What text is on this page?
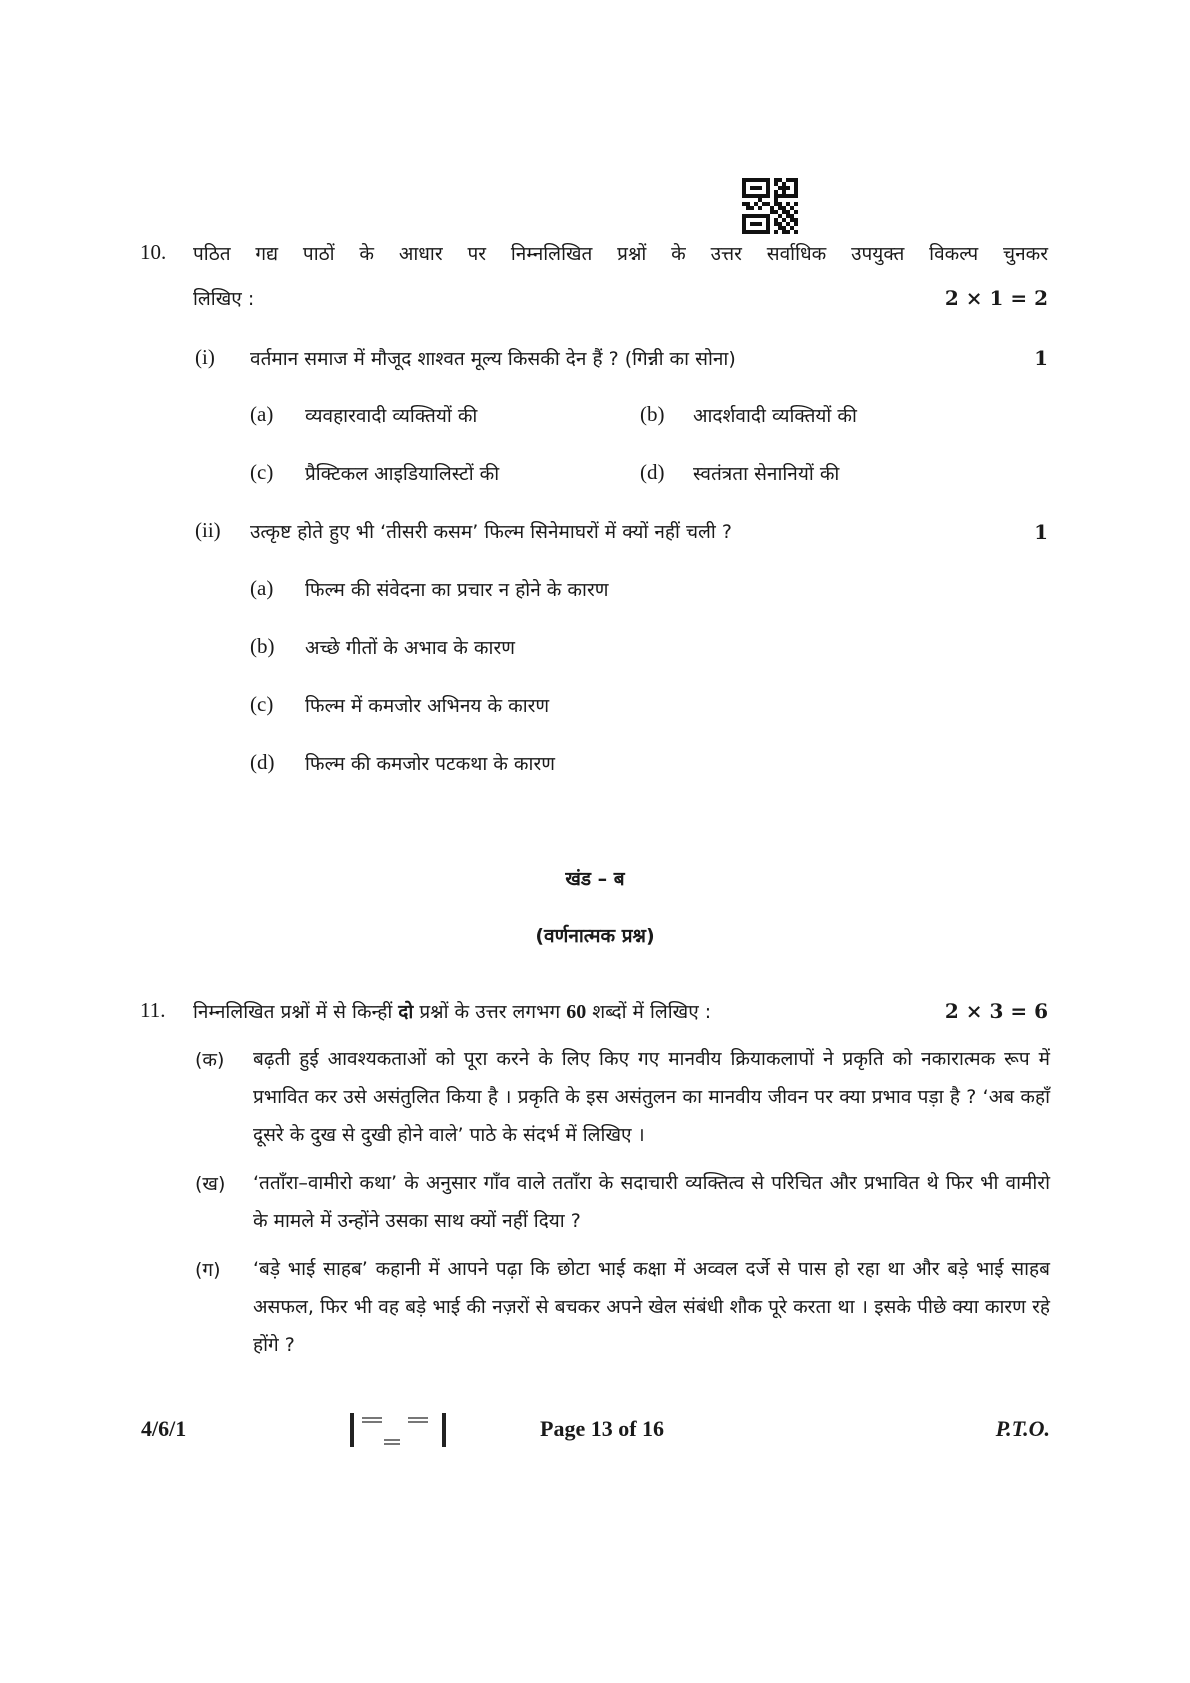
10. पठित गद्य पाठों के आधार पर निम्नलिखित प्रश्नों के उत्तर सर्वाधिक उपयुक्त विकल्प चुनकर
लिखिए :	2 × 1 = 2
(i) वर्तमान समाज में मौजूद शाश्वत मूल्य किसकी देन हैं ? (गिन्नी का सोना)	1
(a) व्यवहारवादी व्यक्तियों की	(b) आदर्शवादी व्यक्तियों की
(c) प्रैक्टिकल आइडियालिस्टों की	(d) स्वतंत्रता सेनानियों की
(ii) उत्कृष्ट होते हुए भी ‘तीसरी कसम’ फिल्म सिनेमाघरों में क्यों नहीं चली ?	1
(a) फिल्म की संवेदना का प्रचार न होने के कारण
(b) अच्छे गीतों के अभाव के कारण
(c) फिल्म में कमजोर अभिनय के कारण
(d) फिल्म की कमजोर पटकथा के कारण
खंड – ब
(वर्णनात्मक प्रश्न)
11. निम्नलिखित प्रश्नों में से किन्हीं दो प्रश्नों के उत्तर लगभग 60 शब्दों में लिखिए :	2 × 3 = 6
(क) बढ़ती हुई आवश्यकताओं को पूरा करने के लिए किए गए मानवीय क्रियाकलापों ने प्रकृति को नकारात्मक रूप में प्रभावित कर उसे असंतुलित किया है । प्रकृति के इस असंतुलन का मानवीय जीवन पर क्या प्रभाव पड़ा है ? ‘अब कहाँ दूसरे के दुख से दुखी होने वाले’ पाठे के संदर्भ में लिखिए ।
(ख) ‘तताँरा–वामीरो कथा’ के अनुसार गाँव वाले तताँरा के सदाचारी व्यक्तित्व से परिचित और प्रभावित थे फिर भी वामीरो के मामले में उन्होंने उसका साथ क्यों नहीं दिया ?
(ग) ‘बड़े भाई साहब’ कहानी में आपने पढ़ा कि छोटा भाई कक्षा में अव्वल दर्जे से पास हो रहा था और बड़े भाई साहब असफल, फिर भी वह बड़े भाई की नज़रों से बचकर अपने खेल संबंधी शौक पूरे करता था । इसके पीछे क्या कारण रहे होंगे ?
4/6/1	Page 13 of 16	P.T.O.
